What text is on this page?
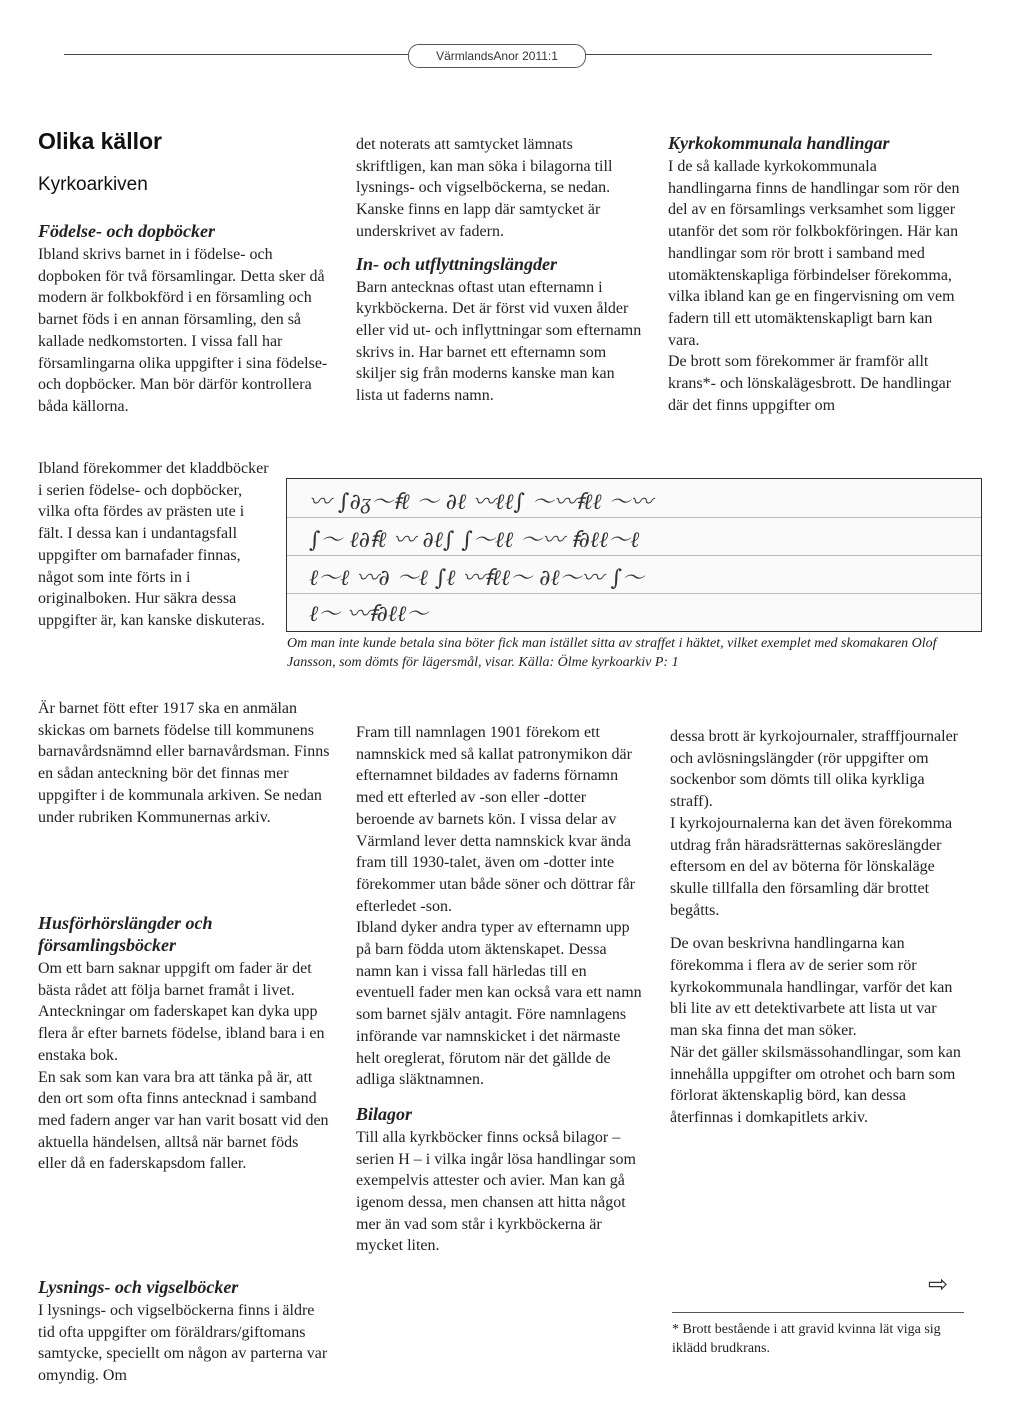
VärmlandsAnor 2011:1
Olika källor
Kyrkoarkiven

Födelse- och dopböcker

Ibland skrivs barnet in i födelse- och dopboken för två församlingar. Detta sker då modern är folkbokförd i en församling och barnet föds i en annan församling, den så kallade nedkomstorten. I vissa fall har församlingarna olika uppgifter i sina födelse- och dopböcker. Man bör därför kontrollera båda källorna.

Ibland förekommer det kladdböcker i serien födelse- och dopböcker, vilka ofta fördes av prästen ute i fält. I dessa kan i undantagsfall uppgifter om barnafader finnas, något som inte förts in i originalboken. Hur säkra dessa uppgifter är, kan kanske diskuteras.

Är barnet fött efter 1917 ska en anmälan skickas om barnets födelse till kommunens barnavårdsnämnd eller barnavårdsman. Finns en sådan anteckning bör det finnas mer uppgifter i de kommunala arkiven. Se nedan under rubriken Kommunernas arkiv.

Husförhörslängder och församlingsböcker

Om ett barn saknar uppgift om fader är det bästa rådet att följa barnet framåt i livet. Anteckningar om faderskapet kan dyka upp flera år efter barnets födelse, ibland bara i en enstaka bok.

En sak som kan vara bra att tänka på är, att den ort som ofta finns antecknad i samband med fadern anger var han varit bosatt vid den aktuella händelsen, alltså när barnet föds eller då en faderskapsdom faller.

Lysnings- och vigselböcker

I lysnings- och vigselböckerna finns i äldre tid ofta uppgifter om föräldrars/giftomans samtycke, speciellt om någon av parterna var omyndig. Om

det noterats att samtycket lämnats skriftligen, kan man söka i bilagorna till lysnings- och vigselböckerna, se nedan. Kanske finns en lapp där samtycket är underskrivet av fadern.

In- och utflyttningslängder

Barn antecknas oftast utan efternamn i kyrkböckerna. Det är först vid vuxen ålder eller vid ut- och inflyttningar som efternamn skrivs in. Har barnet ett efternamn som skiljer sig från moderns kanske man kan lista ut faderns namn.

Kyrkokommunala handlingar

I de så kallade kyrkokommunala handlingarna finns de handlingar som rör den del av en församlings verksamhet som ligger utanför det som rör folkbokföringen. Här kan handlingar som rör brott i samband med utomäktenskapliga förbindelser förekomma, vilka ibland kan ge en fingervisning om vem fadern till ett utomäktenskapligt barn kan vara.

De brott som förekommer är framför allt krans*- och lönskalägesbrott. De handlingar där det finns uppgifter om

〰 ∫∂ᵹ〜ꞙℓ 〜 ∂ℓ 〰ℓℓ∫ 〜〰ꞙℓℓ 〜〰
∫〜 ℓ∂ꞙℓ 〰 ∂ℓ∫ ∫〜ℓℓ 〜〰 ꞙ∂ℓℓ〜ℓ
ℓ〜ℓ 〰∂ 〜ℓ ∫ℓ 〰ꞙℓℓ〜 ∂ℓ〜〰 ∫〜
ℓ〜 〰ꞙ∂ℓℓ〜

Om man inte kunde betala sina böter fick man istället sitta av straffet i häktet, vilket exemplet med skomakaren Olof Jansson, som dömts för lägersmål, visar. Källa: Ölme kyrkoarkiv P: 1

Fram till namnlagen 1901 förekom ett namnskick med så kallat patronymikon där efternamnet bildades av faderns förnamn med ett efterled av -son eller -dotter beroende av barnets kön. I vissa delar av Värmland lever detta namnskick kvar ända fram till 1930-talet, även om -dotter inte förekommer utan både söner och döttrar får efterledet -son.

Ibland dyker andra typer av efternamn upp på barn födda utom äktenskapet. Dessa namn kan i vissa fall härledas till en eventuell fader men kan också vara ett namn som barnet själv antagit. Före namnlagens införande var namnskicket i det närmaste helt oreglerat, förutom när det gällde de adliga släktnamnen.

Bilagor

Till alla kyrkböcker finns också bilagor – serien H – i vilka ingår lösa handlingar som exempelvis attester och avier. Man kan gå igenom dessa, men chansen att hitta något mer än vad som står i kyrkböckerna är mycket liten.

dessa brott är kyrkojournaler, strafffjournaler och avlösningslängder (rör uppgifter om sockenbor som dömts till olika kyrkliga straff).

I kyrkojournalerna kan det även förekomma utdrag från häradsrätternas saköreslängder eftersom en del av böterna för lönskaläge skulle tillfalla den församling där brottet begåtts.

De ovan beskrivna handlingarna kan förekomma i flera av de serier som rör kyrkokommunala handlingar, varför det kan bli lite av ett detektivarbete att lista ut var man ska finna det man söker.

När det gäller skilsmässohandlingar, som kan innehålla uppgifter om otrohet och barn som förlorat äktenskaplig börd, kan dessa återfinnas i domkapitlets arkiv.

⇨

* Brott bestående i att gravid kvinna lät viga sig iklädd brudkrans.
